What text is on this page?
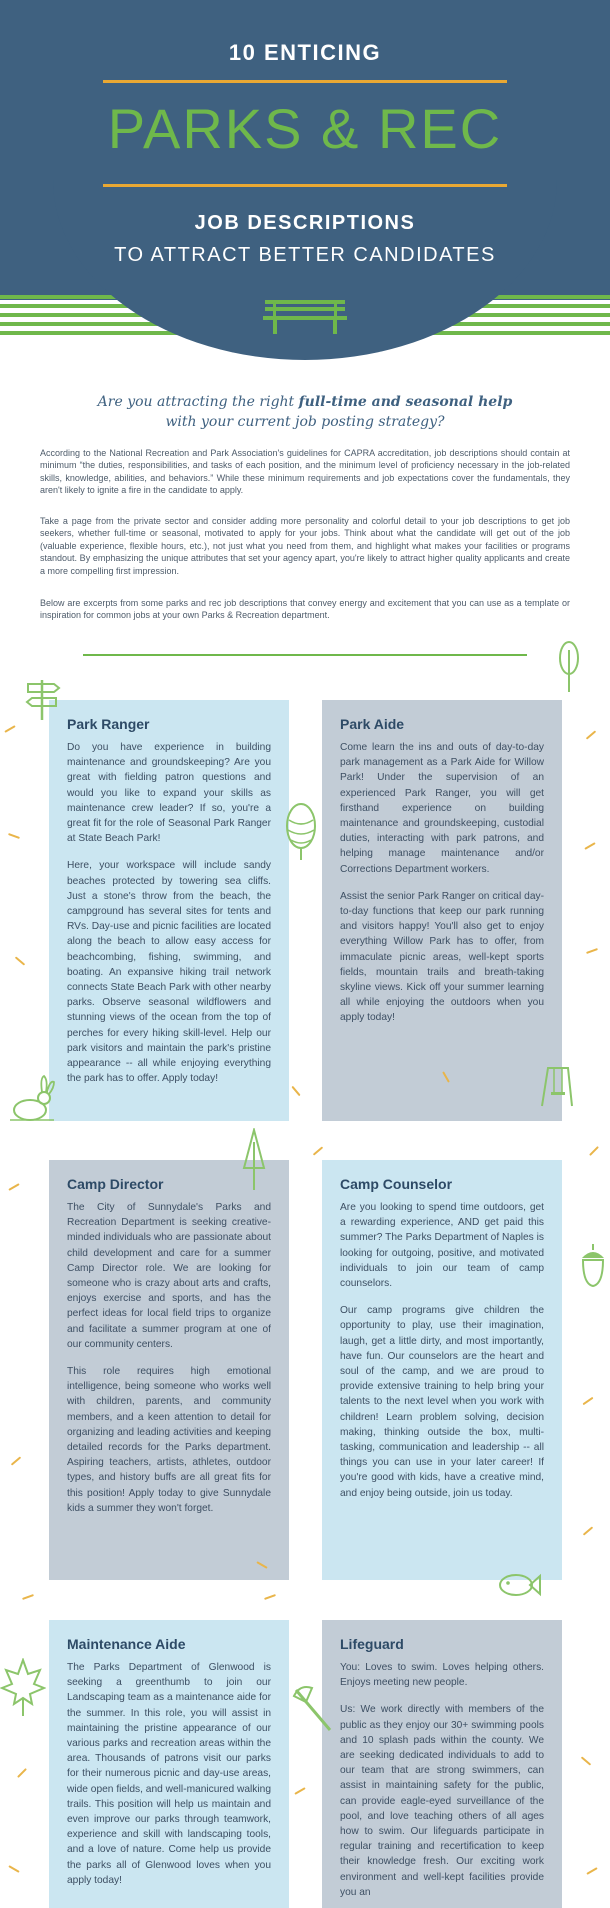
10 ENTICING
PARKS & REC
JOB DESCRIPTIONS
TO ATTRACT BETTER CANDIDATES
Are you attracting the right full-time and seasonal help
with your current job posting strategy?

According to the National Recreation and Park Association's guidelines for CAPRA accreditation, job descriptions should contain at minimum “the duties, responsibilities, and tasks of each position, and the minimum level of proficiency necessary in the job-related skills, knowledge, abilities, and behaviors.” While these minimum requirements and job expectations cover the fundamentals, they aren't likely to ignite a fire in the candidate to apply.

Take a page from the private sector and consider adding more personality and colorful detail to your job descriptions to get job seekers, whether full-time or seasonal, motivated to apply for your jobs. Think about what the candidate will get out of the job (valuable experience, flexible hours, etc.), not just what you need from them, and highlight what makes your facilities or programs standout. By emphasizing the unique attributes that set your agency apart, you're likely to attract higher quality applicants and create a more compelling first impression.

Below are excerpts from some parks and rec job descriptions that convey energy and excitement that you can use as a template or inspiration for common jobs at your own Parks & Recreation department.

Park Ranger

Do you have experience in building maintenance and groundskeeping? Are you great with fielding patron questions and would you like to expand your skills as maintenance crew leader? If so, you're a great fit for the role of Seasonal Park Ranger at State Beach Park!

Here, your workspace will include sandy beaches protected by towering sea cliffs. Just a stone's throw from the beach, the campground has several sites for tents and RVs. Day-use and picnic facilities are located along the beach to allow easy access for beachcombing, fishing, swimming, and boating. An expansive hiking trail network connects State Beach Park with other nearby parks. Observe seasonal wildflowers and stunning views of the ocean from the top of perches for every hiking skill-level. Help our park visitors and maintain the park's pristine appearance -- all while enjoying everything the park has to offer. Apply today!

Park Aide

Come learn the ins and outs of day-to-day park management as a Park Aide for Willow Park! Under the supervision of an experienced Park Ranger, you will get firsthand experience on building maintenance and groundskeeping, custodial duties, interacting with park patrons, and helping manage maintenance and/or Corrections Department workers.

Assist the senior Park Ranger on critical day-to-day functions that keep our park running and visitors happy! You'll also get to enjoy everything Willow Park has to offer, from immaculate picnic areas, well-kept sports fields, mountain trails and breath-taking skyline views. Kick off your summer learning all while enjoying the outdoors when you apply today!

Camp Director

The City of Sunnydale's Parks and Recreation Department is seeking creative-minded individuals who are passionate about child development and care for a summer Camp Director role. We are looking for someone who is crazy about arts and crafts, enjoys exercise and sports, and has the perfect ideas for local field trips to organize and facilitate a summer program at one of our community centers.

This role requires high emotional intelligence, being someone who works well with children, parents, and community members, and a keen attention to detail for organizing and leading activities and keeping detailed records for the Parks department. Aspiring teachers, artists, athletes, outdoor types, and history buffs are all great fits for this position! Apply today to give Sunnydale kids a summer they won't forget.

Camp Counselor

Are you looking to spend time outdoors, get a rewarding experience, AND get paid this summer? The Parks Department of Naples is looking for outgoing, positive, and motivated individuals to join our team of camp counselors.

Our camp programs give children the opportunity to play, use their imagination, laugh, get a little dirty, and most importantly, have fun. Our counselors are the heart and soul of the camp, and we are proud to provide extensive training to help bring your talents to the next level when you work with children! Learn problem solving, decision making, thinking outside the box, multi-tasking, communication and leadership -- all things you can use in your later career! If you're good with kids, have a creative mind, and enjoy being outside, join us today.

Maintenance Aide

The Parks Department of Glenwood is seeking a greenthumb to join our Landscaping team as a maintenance aide for the summer. In this role, you will assist in maintaining the pristine appearance of our various parks and recreation areas within the area. Thousands of patrons visit our parks for their numerous picnic and day-use areas, wide open fields, and well-manicured walking trails. This position will help us maintain and even improve our parks through teamwork, experience and skill with landscaping tools, and a love of nature. Come help us provide the parks all of Glenwood loves when you apply today!

Lifeguard

You: Loves to swim. Loves helping others. Enjoys meeting new people.

Us: We work directly with members of the public as they enjoy our 30+ swimming pools and 10 splash pads within the county. We are seeking dedicated individuals to add to our team that are strong swimmers, can assist in maintaining safety for the public, can provide eagle-eyed surveillance of the pool, and love teaching others of all ages how to swim. Our lifeguards participate in regular training and recertification to keep their knowledge fresh. Our exciting work environment and well-kept facilities provide you an
